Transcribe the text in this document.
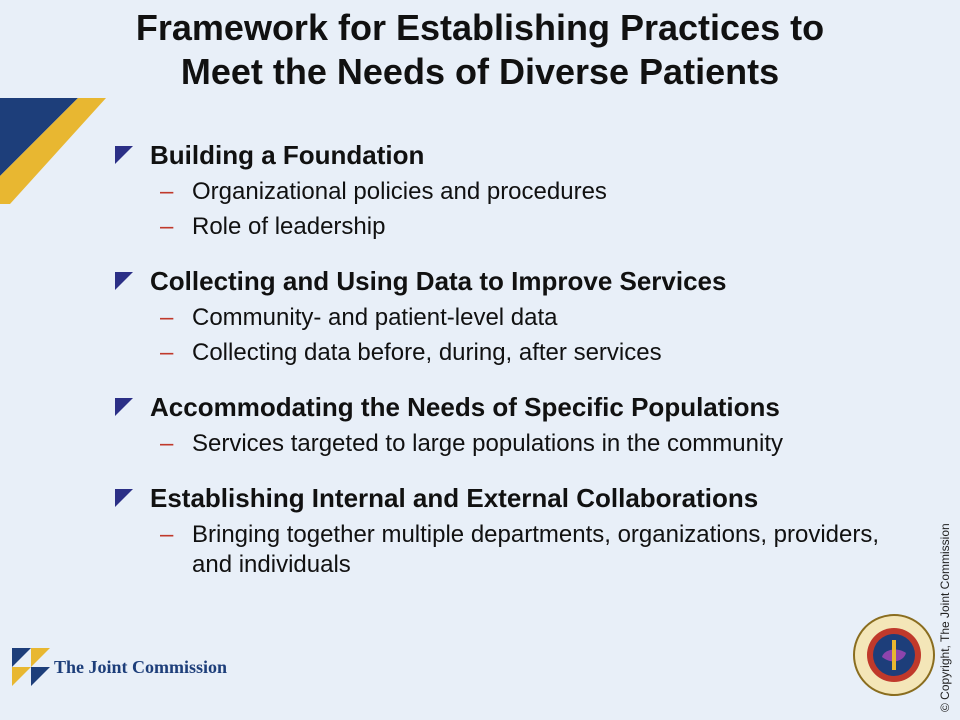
Framework for Establishing Practices to
Meet the Needs of Diverse Patients
Building a Foundation
– Organizational policies and procedures
– Role of leadership
Collecting and Using Data to Improve Services
– Community- and patient-level data
– Collecting data before, during, after services
Accommodating the Needs of Specific Populations
– Services targeted to large populations in the community
Establishing Internal and External Collaborations
– Bringing together multiple departments, organizations, providers, and individuals
The Joint Commission	© Copyright, The Joint Commission
